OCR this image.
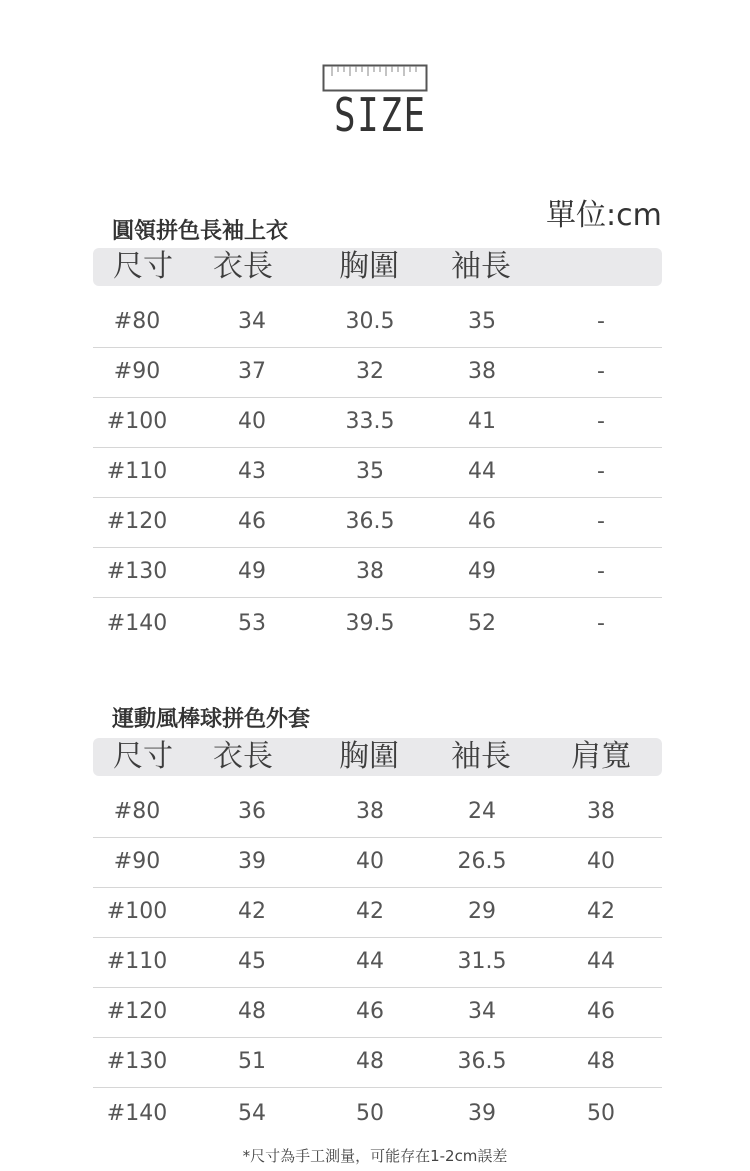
SIZE
單位:cm
圓領拼色長袖上衣
尺寸 衣長 胸圍 袖長
#80	34	30.5	35	-
#90	37	32	38	-
#100	40	33.5	41	-
#110	43	35	44	-
#120	46	36.5	46	-
#130	49	38	49	-
#140	53	39.5	52	-
運動風棒球拼色外套
尺寸 衣長 胸圍 袖長 肩寬
#80	36	38	24	38
#90	39	40	26.5	40
#100	42	42	29	42
#110	45	44	31.5	44
#120	48	46	34	46
#130	51	48	36.5	48
#140	54	50	39	50
*尺寸為手工測量，可能存在1-2cm誤差
